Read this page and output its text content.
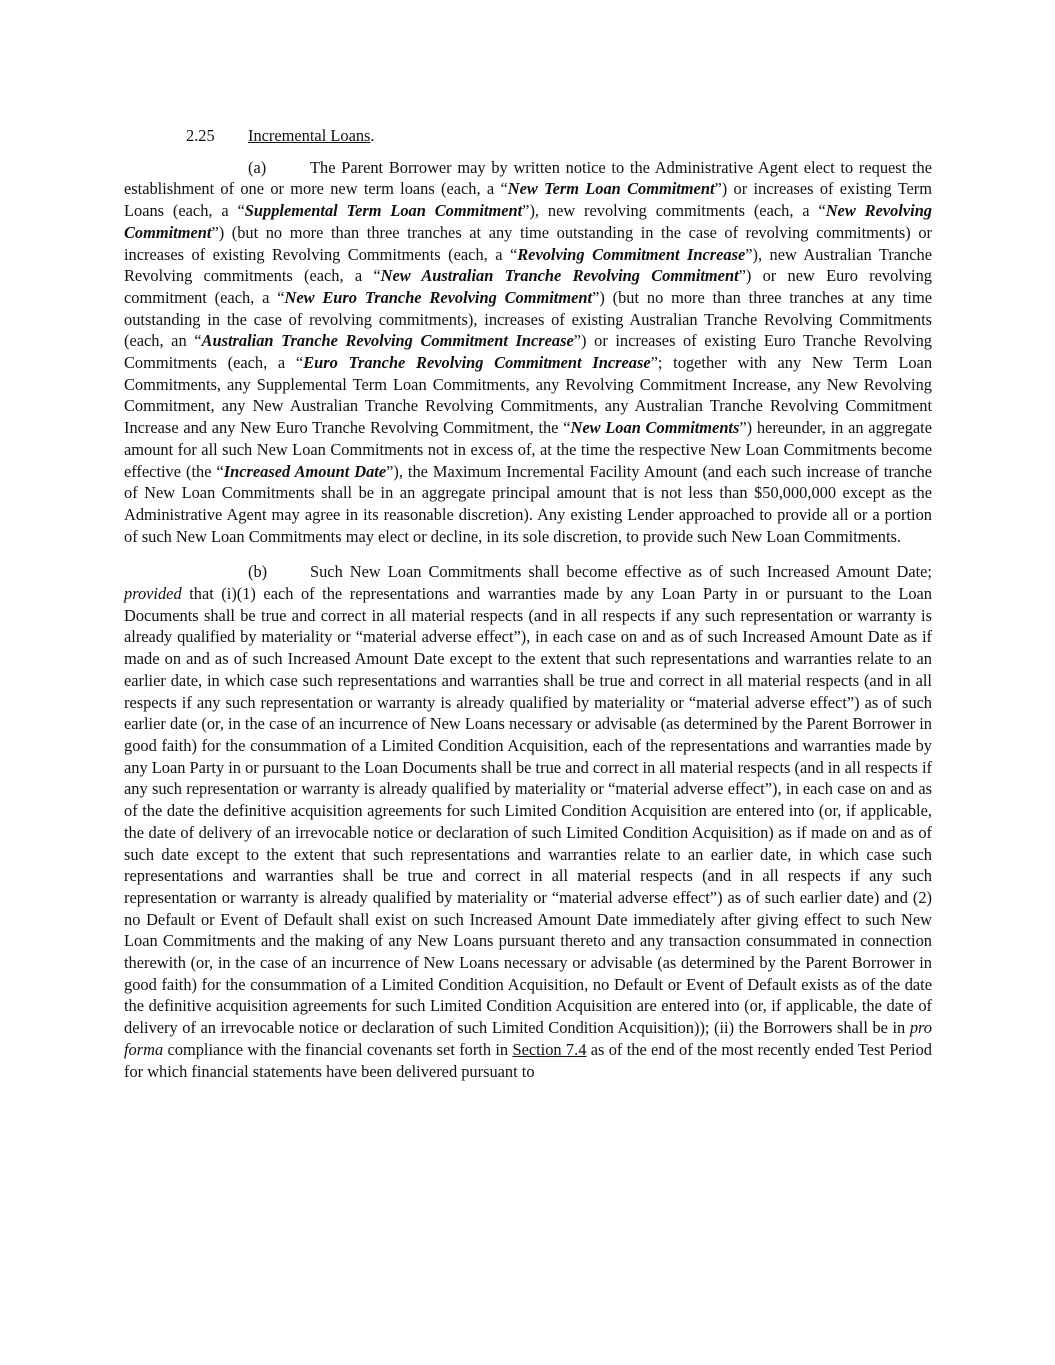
2.25 Incremental Loans.

(a)	The Parent Borrower may by written notice to the Administrative Agent elect to request the establishment of one or more new term loans (each, a “New Term Loan Commitment”) or increases of existing Term Loans (each, a “Supplemental Term Loan Commitment”), new revolving commitments (each, a “New Revolving Commitment”) (but no more than three tranches at any time outstanding in the case of revolving commitments) or increases of existing Revolving Commitments (each, a “Revolving Commitment Increase”), new Australian Tranche Revolving commitments (each, a “New Australian Tranche Revolving Commitment”) or new Euro revolving commitment (each, a “New Euro Tranche Revolving Commitment”) (but no more than three tranches at any time outstanding in the case of revolving commitments), increases of existing Australian Tranche Revolving Commitments (each, an “Australian Tranche Revolving Commitment Increase”) or increases of existing Euro Tranche Revolving Commitments (each, a “Euro Tranche Revolving Commitment Increase”; together with any New Term Loan Commitments, any Supplemental Term Loan Commitments, any Revolving Commitment Increase, any New Revolving Commitment, any New Australian Tranche Revolving Commitments, any Australian Tranche Revolving Commitment Increase and any New Euro Tranche Revolving Commitment, the “New Loan Commitments”) hereunder, in an aggregate amount for all such New Loan Commitments not in excess of, at the time the respective New Loan Commitments become effective (the “Increased Amount Date”), the Maximum Incremental Facility Amount (and each such increase of tranche of New Loan Commitments shall be in an aggregate principal amount that is not less than $50,000,000 except as the Administrative Agent may agree in its reasonable discretion). Any existing Lender approached to provide all or a portion of such New Loan Commitments may elect or decline, in its sole discretion, to provide such New Loan Commitments.

(b)	Such New Loan Commitments shall become effective as of such Increased Amount Date; provided that (i)(1) each of the representations and warranties made by any Loan Party in or pursuant to the Loan Documents shall be true and correct in all material respects (and in all respects if any such representation or warranty is already qualified by materiality or “material adverse effect”), in each case on and as of such Increased Amount Date as if made on and as of such Increased Amount Date except to the extent that such representations and warranties relate to an earlier date, in which case such representations and warranties shall be true and correct in all material respects (and in all respects if any such representation or warranty is already qualified by materiality or “material adverse effect”) as of such earlier date (or, in the case of an incurrence of New Loans necessary or advisable (as determined by the Parent Borrower in good faith) for the consummation of a Limited Condition Acquisition, each of the representations and warranties made by any Loan Party in or pursuant to the Loan Documents shall be true and correct in all material respects (and in all respects if any such representation or warranty is already qualified by materiality or “material adverse effect”), in each case on and as of the date the definitive acquisition agreements for such Limited Condition Acquisition are entered into (or, if applicable, the date of delivery of an irrevocable notice or declaration of such Limited Condition Acquisition) as if made on and as of such date except to the extent that such representations and warranties relate to an earlier date, in which case such representations and warranties shall be true and correct in all material respects (and in all respects if any such representation or warranty is already qualified by materiality or “material adverse effect”) as of such earlier date) and (2) no Default or Event of Default shall exist on such Increased Amount Date immediately after giving effect to such New Loan Commitments and the making of any New Loans pursuant thereto and any transaction consummated in connection therewith (or, in the case of an incurrence of New Loans necessary or advisable (as determined by the Parent Borrower in good faith) for the consummation of a Limited Condition Acquisition, no Default or Event of Default exists as of the date the definitive acquisition agreements for such Limited Condition Acquisition are entered into (or, if applicable, the date of delivery of an irrevocable notice or declaration of such Limited Condition Acquisition)); (ii) the Borrowers shall be in pro forma compliance with the financial covenants set forth in Section 7.4 as of the end of the most recently ended Test Period for which financial statements have been delivered pursuant to
